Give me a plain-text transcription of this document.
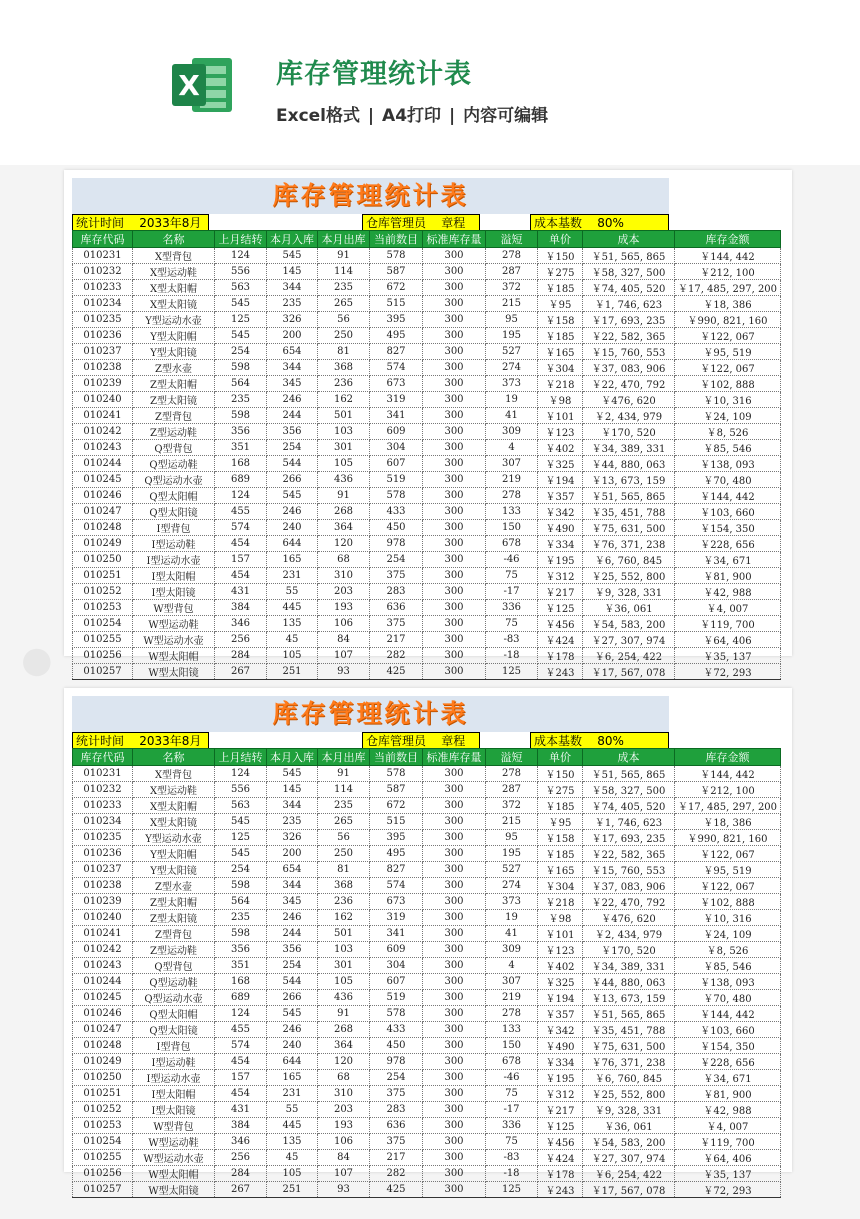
X	库存管理统计表
Excel格式 | A4打印 | 内容可编辑
●
库存管理统计表
统计时间    2033年8月	仓库管理员    章程	成本基数    80%
库存代码	名称	上月结转	本月入库	本月出库	当前数目	标准库存量	溢短	单价	成本	库存金额
010231	X型背包	124	545	91	578	300	278	￥150	￥51, 565, 865	￥144, 442
010232	X型运动鞋	556	145	114	587	300	287	￥275	￥58, 327, 500	￥212, 100
010233	X型太阳帽	563	344	235	672	300	372	￥185	￥74, 405, 520	￥17, 485, 297, 200
010234	X型太阳镜	545	235	265	515	300	215	￥95	￥1, 746, 623	￥18, 386
010235	Y型运动水壶	125	326	56	395	300	95	￥158	￥17, 693, 235	￥990, 821, 160
010236	Y型太阳帽	545	200	250	495	300	195	￥185	￥22, 582, 365	￥122, 067
010237	Y型太阳镜	254	654	81	827	300	527	￥165	￥15, 760, 553	￥95, 519
010238	Z型水壶	598	344	368	574	300	274	￥304	￥37, 083, 906	￥122, 067
010239	Z型太阳帽	564	345	236	673	300	373	￥218	￥22, 470, 792	￥102, 888
010240	Z型太阳镜	235	246	162	319	300	19	￥98	￥476, 620	￥10, 316
010241	Z型背包	598	244	501	341	300	41	￥101	￥2, 434, 979	￥24, 109
010242	Z型运动鞋	356	356	103	609	300	309	￥123	￥170, 520	￥8, 526
010243	Q型背包	351	254	301	304	300	4	￥402	￥34, 389, 331	￥85, 546
010244	Q型运动鞋	168	544	105	607	300	307	￥325	￥44, 880, 063	￥138, 093
010245	Q型运动水壶	689	266	436	519	300	219	￥194	￥13, 673, 159	￥70, 480
010246	Q型太阳帽	124	545	91	578	300	278	￥357	￥51, 565, 865	￥144, 442
010247	Q型太阳镜	455	246	268	433	300	133	￥342	￥35, 451, 788	￥103, 660
010248	I型背包	574	240	364	450	300	150	￥490	￥75, 631, 500	￥154, 350
010249	I型运动鞋	454	644	120	978	300	678	￥334	￥76, 371, 238	￥228, 656
010250	I型运动水壶	157	165	68	254	300	-46	￥195	￥6, 760, 845	￥34, 671
010251	I型太阳帽	454	231	310	375	300	75	￥312	￥25, 552, 800	￥81, 900
010252	I型太阳镜	431	55	203	283	300	-17	￥217	￥9, 328, 331	￥42, 988
010253	W型背包	384	445	193	636	300	336	￥125	￥36, 061	￥4, 007
010254	W型运动鞋	346	135	106	375	300	75	￥456	￥54, 583, 200	￥119, 700
010255	W型运动水壶	256	45	84	217	300	-83	￥424	￥27, 307, 974	￥64, 406
010256	W型太阳帽	284	105	107	282	300	-18	￥178	￥6, 254, 422	￥35, 137
010257	W型太阳镜	267	251	93	425	300	125	￥243	￥17, 567, 078	￥72, 293
库存管理统计表
统计时间    2033年8月	仓库管理员    章程	成本基数    80%
库存代码	名称	上月结转	本月入库	本月出库	当前数目	标准库存量	溢短	单价	成本	库存金额
010231	X型背包	124	545	91	578	300	278	￥150	￥51, 565, 865	￥144, 442
010232	X型运动鞋	556	145	114	587	300	287	￥275	￥58, 327, 500	￥212, 100
010233	X型太阳帽	563	344	235	672	300	372	￥185	￥74, 405, 520	￥17, 485, 297, 200
010234	X型太阳镜	545	235	265	515	300	215	￥95	￥1, 746, 623	￥18, 386
010235	Y型运动水壶	125	326	56	395	300	95	￥158	￥17, 693, 235	￥990, 821, 160
010236	Y型太阳帽	545	200	250	495	300	195	￥185	￥22, 582, 365	￥122, 067
010237	Y型太阳镜	254	654	81	827	300	527	￥165	￥15, 760, 553	￥95, 519
010238	Z型水壶	598	344	368	574	300	274	￥304	￥37, 083, 906	￥122, 067
010239	Z型太阳帽	564	345	236	673	300	373	￥218	￥22, 470, 792	￥102, 888
010240	Z型太阳镜	235	246	162	319	300	19	￥98	￥476, 620	￥10, 316
010241	Z型背包	598	244	501	341	300	41	￥101	￥2, 434, 979	￥24, 109
010242	Z型运动鞋	356	356	103	609	300	309	￥123	￥170, 520	￥8, 526
010243	Q型背包	351	254	301	304	300	4	￥402	￥34, 389, 331	￥85, 546
010244	Q型运动鞋	168	544	105	607	300	307	￥325	￥44, 880, 063	￥138, 093
010245	Q型运动水壶	689	266	436	519	300	219	￥194	￥13, 673, 159	￥70, 480
010246	Q型太阳帽	124	545	91	578	300	278	￥357	￥51, 565, 865	￥144, 442
010247	Q型太阳镜	455	246	268	433	300	133	￥342	￥35, 451, 788	￥103, 660
010248	I型背包	574	240	364	450	300	150	￥490	￥75, 631, 500	￥154, 350
010249	I型运动鞋	454	644	120	978	300	678	￥334	￥76, 371, 238	￥228, 656
010250	I型运动水壶	157	165	68	254	300	-46	￥195	￥6, 760, 845	￥34, 671
010251	I型太阳帽	454	231	310	375	300	75	￥312	￥25, 552, 800	￥81, 900
010252	I型太阳镜	431	55	203	283	300	-17	￥217	￥9, 328, 331	￥42, 988
010253	W型背包	384	445	193	636	300	336	￥125	￥36, 061	￥4, 007
010254	W型运动鞋	346	135	106	375	300	75	￥456	￥54, 583, 200	￥119, 700
010255	W型运动水壶	256	45	84	217	300	-83	￥424	￥27, 307, 974	￥64, 406
010256	W型太阳帽	284	105	107	282	300	-18	￥178	￥6, 254, 422	￥35, 137
010257	W型太阳镜	267	251	93	425	300	125	￥243	￥17, 567, 078	￥72, 293
